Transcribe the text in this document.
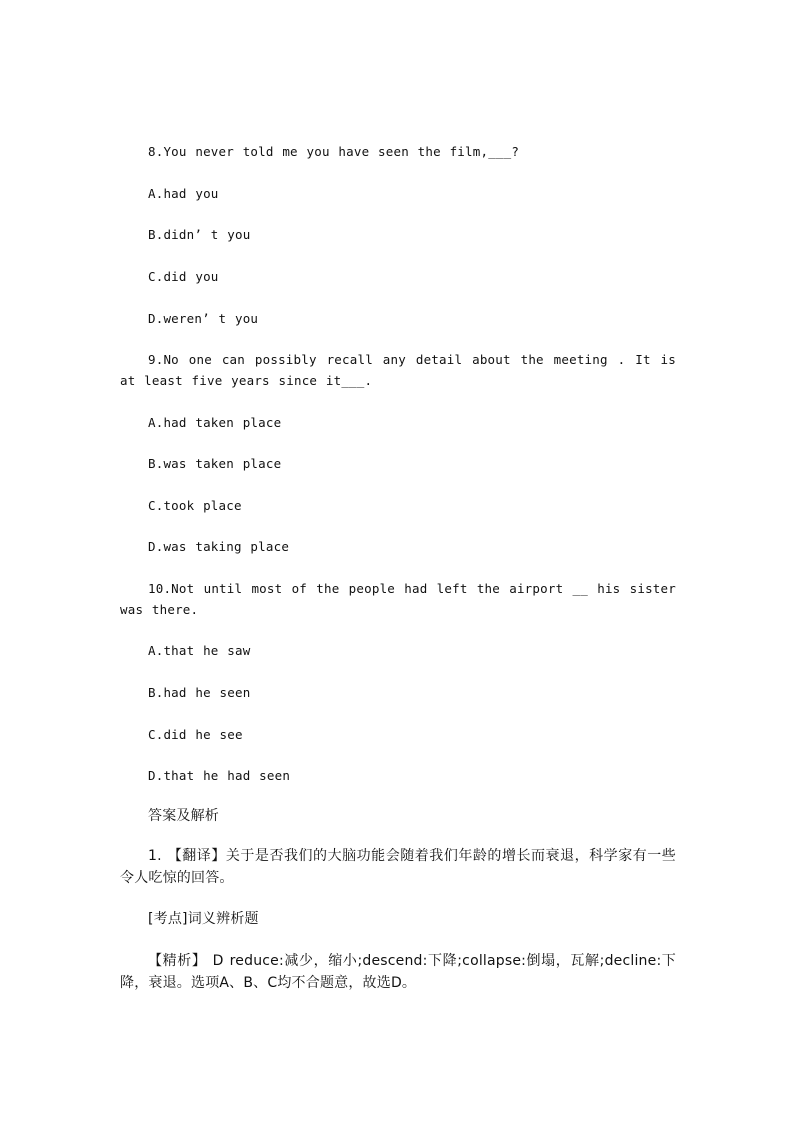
8.You never told me you have seen the film,___?
A.had you
B.didn’ t you
C.did you
D.weren’ t you
9.No one can possibly recall any detail about the meeting . It is at least five years since it___.
A.had taken place
B.was taken place
C.took place
D.was taking place
10.Not until most of the people had left the airport __ his sister was there.
A.that he saw
B.had he seen
C.did he see
D.that he had seen
答案及解析
1. 【翻译】关于是否我们的大脑功能会随着我们年龄的增长而衰退，科学家有一些令人吃惊的回答。
[考点]词义辨析题
【精析】 D reduce:减少，缩小;descend:下降;collapse:倒塌，瓦解;decline:下降，衰退。选项A、B、C均不合题意，故选D。
